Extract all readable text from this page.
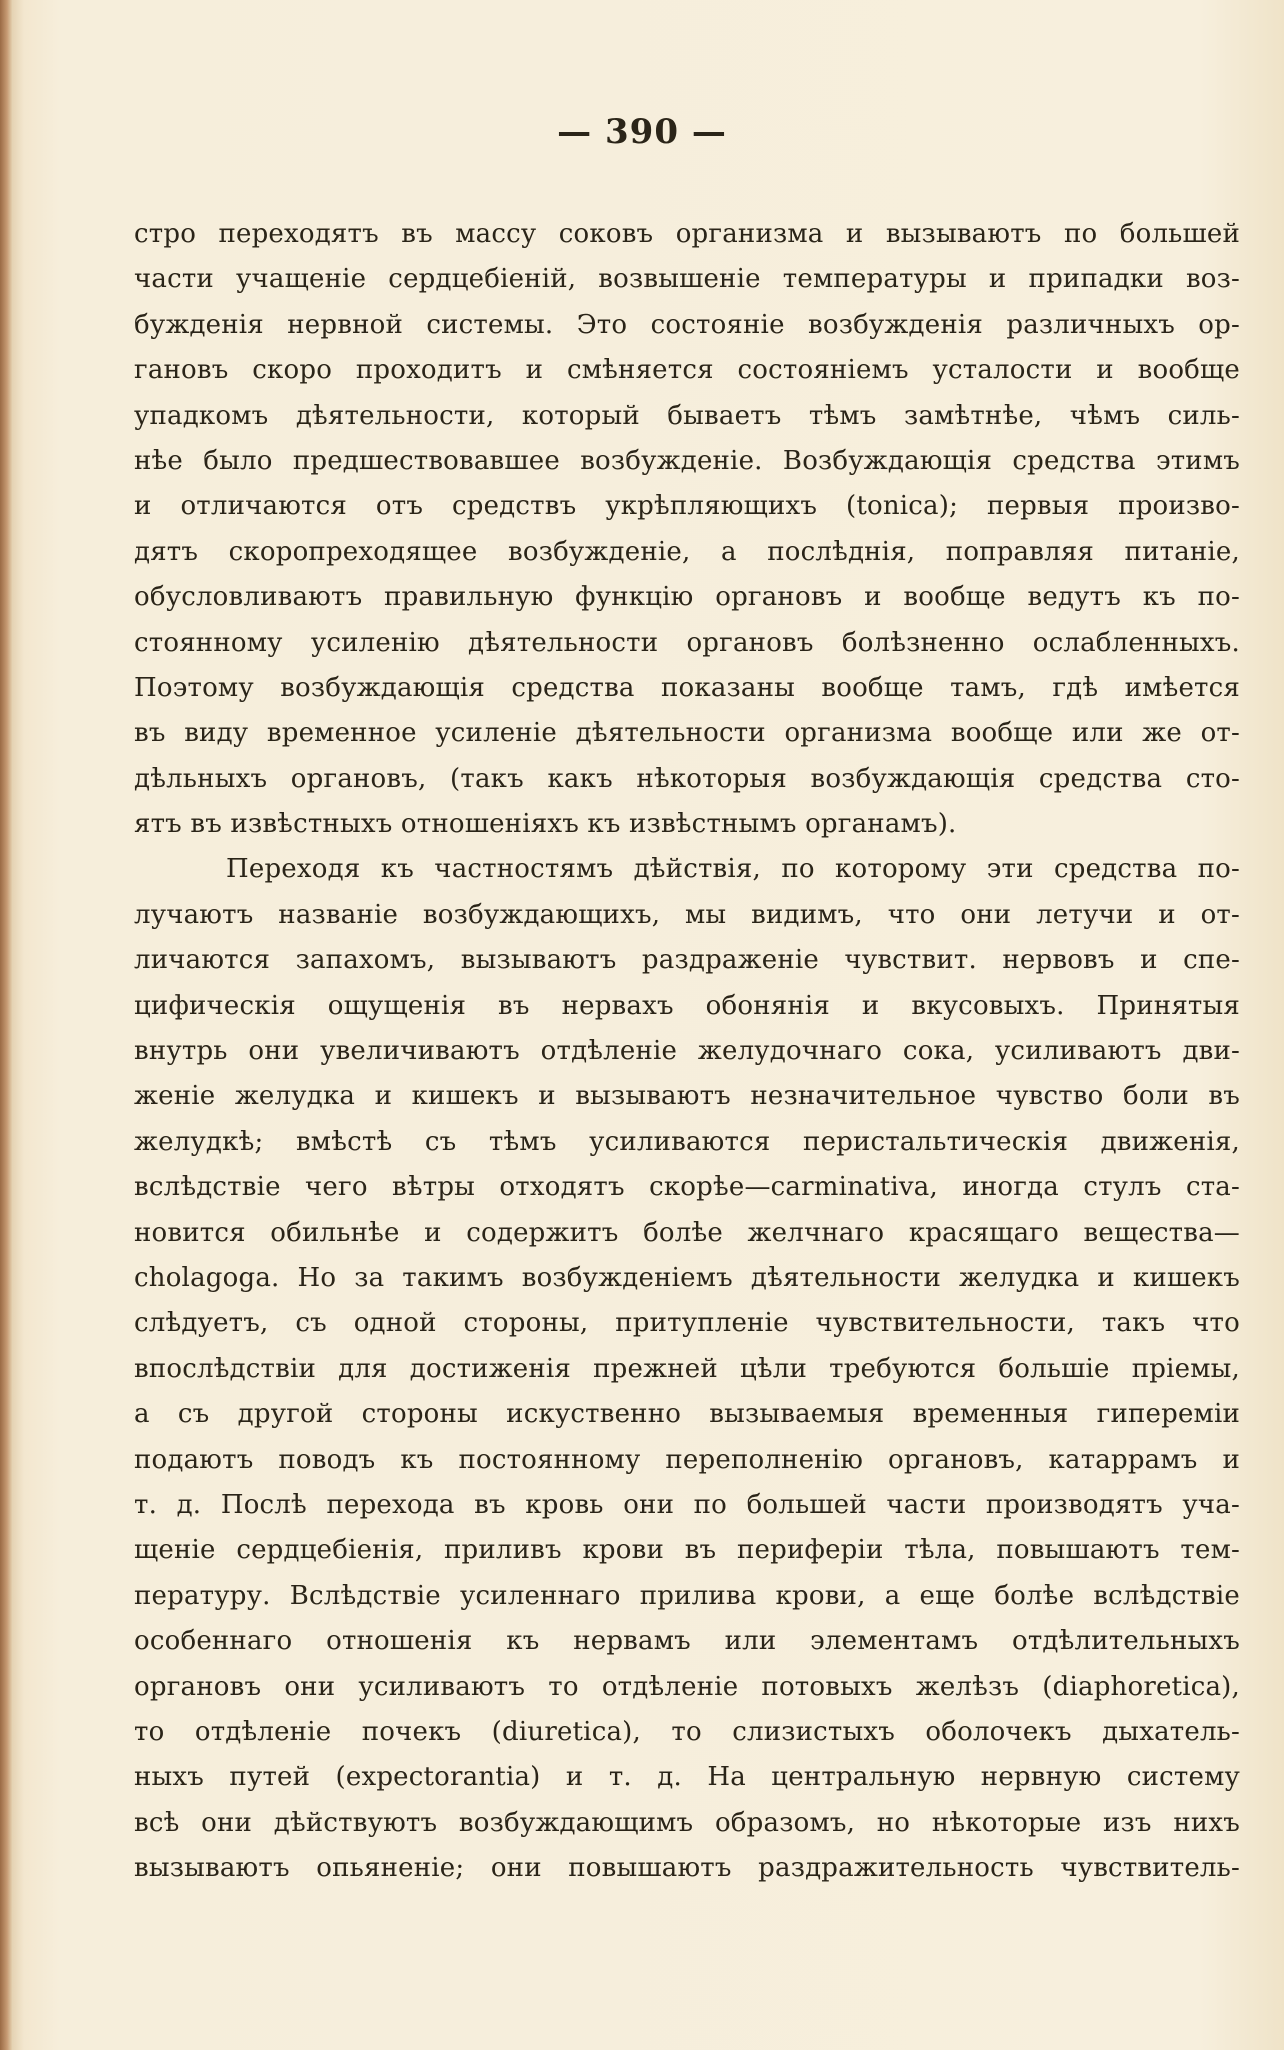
— 390 —
стро переходятъ въ массу соковъ организма и вызываютъ по большей
части учащеніе сердцебіеній, возвышеніе температуры и припадки воз-
бужденія нервной системы. Это состояніе возбужденія различныхъ ор-
гановъ скоро проходитъ и смѣняется состояніемъ усталости и вообще
упадкомъ дѣятельности, который бываетъ тѣмъ замѣтнѣе, чѣмъ силь-
нѣе было предшествовавшее возбужденіе. Возбуждающія средства этимъ
и отличаются отъ средствъ укрѣпляющихъ (tonica); первыя произво-
дятъ скоропреходящее возбужденіе, а послѣднія, поправляя питаніе,
обусловливаютъ правильную функцію органовъ и вообще ведутъ къ по-
стоянному усиленію дѣятельности органовъ болѣзненно ослабленныхъ.
Поэтому возбуждающія средства показаны вообще тамъ, гдѣ имѣется
въ виду временное усиленіе дѣятельности организма вообще или же от-
дѣльныхъ органовъ, (такъ какъ нѣкоторыя возбуждающія средства сто-
ятъ въ извѣстныхъ отношеніяхъ къ извѣстнымъ органамъ).
Переходя къ частностямъ дѣйствія, по которому эти средства по-
лучаютъ названіе возбуждающихъ, мы видимъ, что они летучи и от-
личаются запахомъ, вызываютъ раздраженіе чувствит. нервовъ и спе-
цифическія ощущенія въ нервахъ обонянія и вкусовыхъ. Принятыя
внутрь они увеличиваютъ отдѣленіе желудочнаго сока, усиливаютъ дви-
женіе желудка и кишекъ и вызываютъ незначительное чувство боли въ
желудкѣ; вмѣстѣ съ тѣмъ усиливаются перистальтическія движенія,
вслѣдствіе чего вѣтры отходятъ скорѣе—carminativa, иногда стулъ ста-
новится обильнѣе и содержитъ болѣе желчнаго красящаго вещества—
cholagoga. Но за такимъ возбужденіемъ дѣятельности желудка и кишекъ
слѣдуетъ, съ одной стороны, притупленіе чувствительности, такъ что
впослѣдствіи для достиженія прежней цѣли требуются большіе пріемы,
а съ другой стороны искуственно вызываемыя временныя гипереміи
подаютъ поводъ къ постоянному переполненію органовъ, катаррамъ и
т. д. Послѣ перехода въ кровь они по большей части производятъ уча-
щеніе сердцебіенія, приливъ крови въ периферіи тѣла, повышаютъ тем-
пературу. Вслѣдствіе усиленнаго прилива крови, а еще болѣе вслѣдствіе
особеннаго отношенія къ нервамъ или элементамъ отдѣлительныхъ
органовъ они усиливаютъ то отдѣленіе потовыхъ желѣзъ (diaphoretica),
то отдѣленіе почекъ (diuretica), то слизистыхъ оболочекъ дыхатель-
ныхъ путей (expectorantia) и т. д. На центральную нервную систему
всѣ они дѣйствуютъ возбуждающимъ образомъ, но нѣкоторые изъ нихъ
вызываютъ опьяненіе; они повышаютъ раздражительность чувствитель-
